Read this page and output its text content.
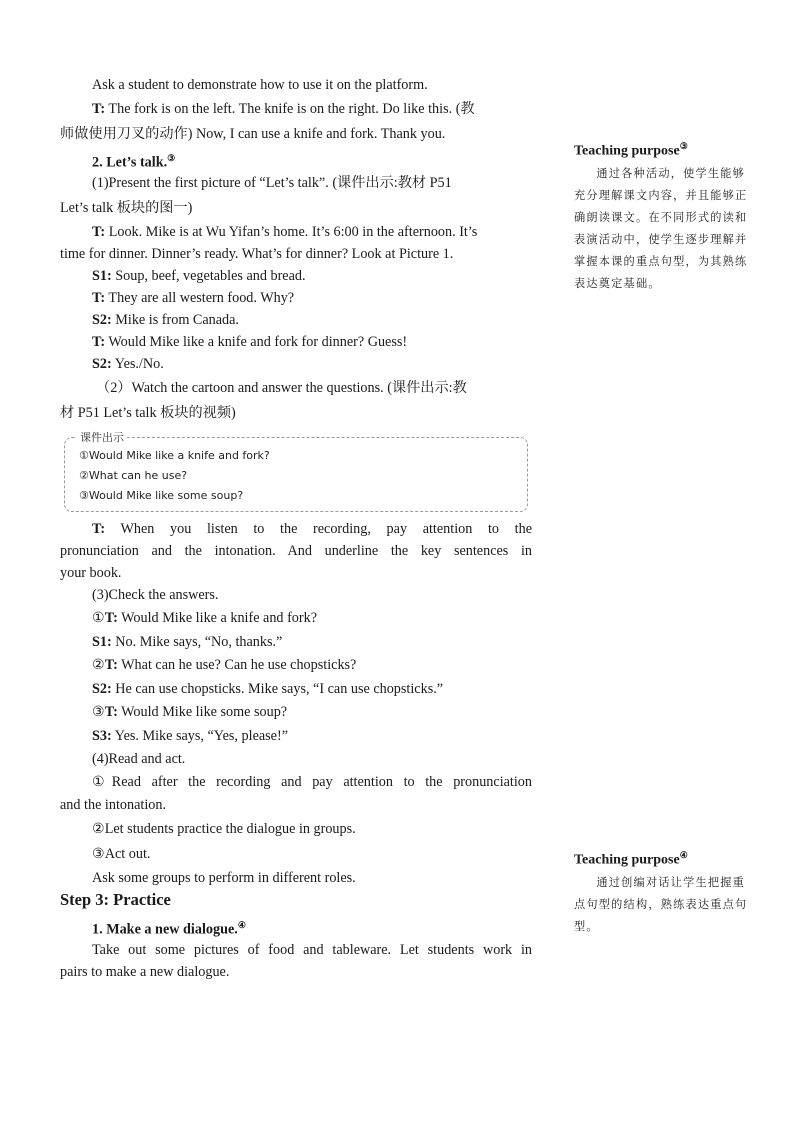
Ask a student to demonstrate how to use it on the platform.
T: The fork is on the left. The knife is on the right. Do like this. (教
师做使用刀叉的动作) Now, I can use a knife and fork. Thank you.
2. Let’s talk.③
(1)Present the first picture of “Let’s talk”. (课件出示:教材 P51
Let’s talk 板块的图一)
T: Look. Mike is at Wu Yifan’s home. It’s 6:00 in the afternoon. It’s
time for dinner. Dinner’s ready. What’s for dinner? Look at Picture 1.
S1: Soup, beef, vegetables and bread.
T: They are all western food. Why?
S2: Mike is from Canada.
T: Would Mike like a knife and fork for dinner? Guess!
S2: Yes./No.
（2）Watch the cartoon and answer the questions. (课件出示:教
材 P51 Let’s talk 板块的视频)
T: When you listen to the recording, pay attention to the
pronunciation and the intonation. And underline the key sentences in
your book.
(3)Check the answers.
①T: Would Mike like a knife and fork?
S1: No. Mike says, “No, thanks.”
②T: What can he use? Can he use chopsticks?
S2: He can use chopsticks. Mike says, “I can use chopsticks.”
③T: Would Mike like some soup?
S3: Yes. Mike says, “Yes, please!”
(4)Read and act.
①Read after the recording and pay attention to the pronunciation
and the intonation.
②Let students practice the dialogue in groups.
③Act out.
Ask some groups to perform in different roles.
Step 3: Practice
1. Make a new dialogue.④
Take out some pictures of food and tableware. Let students work in
pairs to make a new dialogue.
课件出示
①Would Mike like a knife and fork?
②What can he use?
③Would Mike like some soup?
Teaching purpose③
通过各种活动，使学生能够充分理解课文内容，并且能够正确朗读课文。在不同形式的读和表演活动中，使学生逐步理解并掌握本课的重点句型，为其熟练表达奠定基础。
Teaching purpose④
通过创编对话让学生把握重点句型的结构，熟练表达重点句型。
